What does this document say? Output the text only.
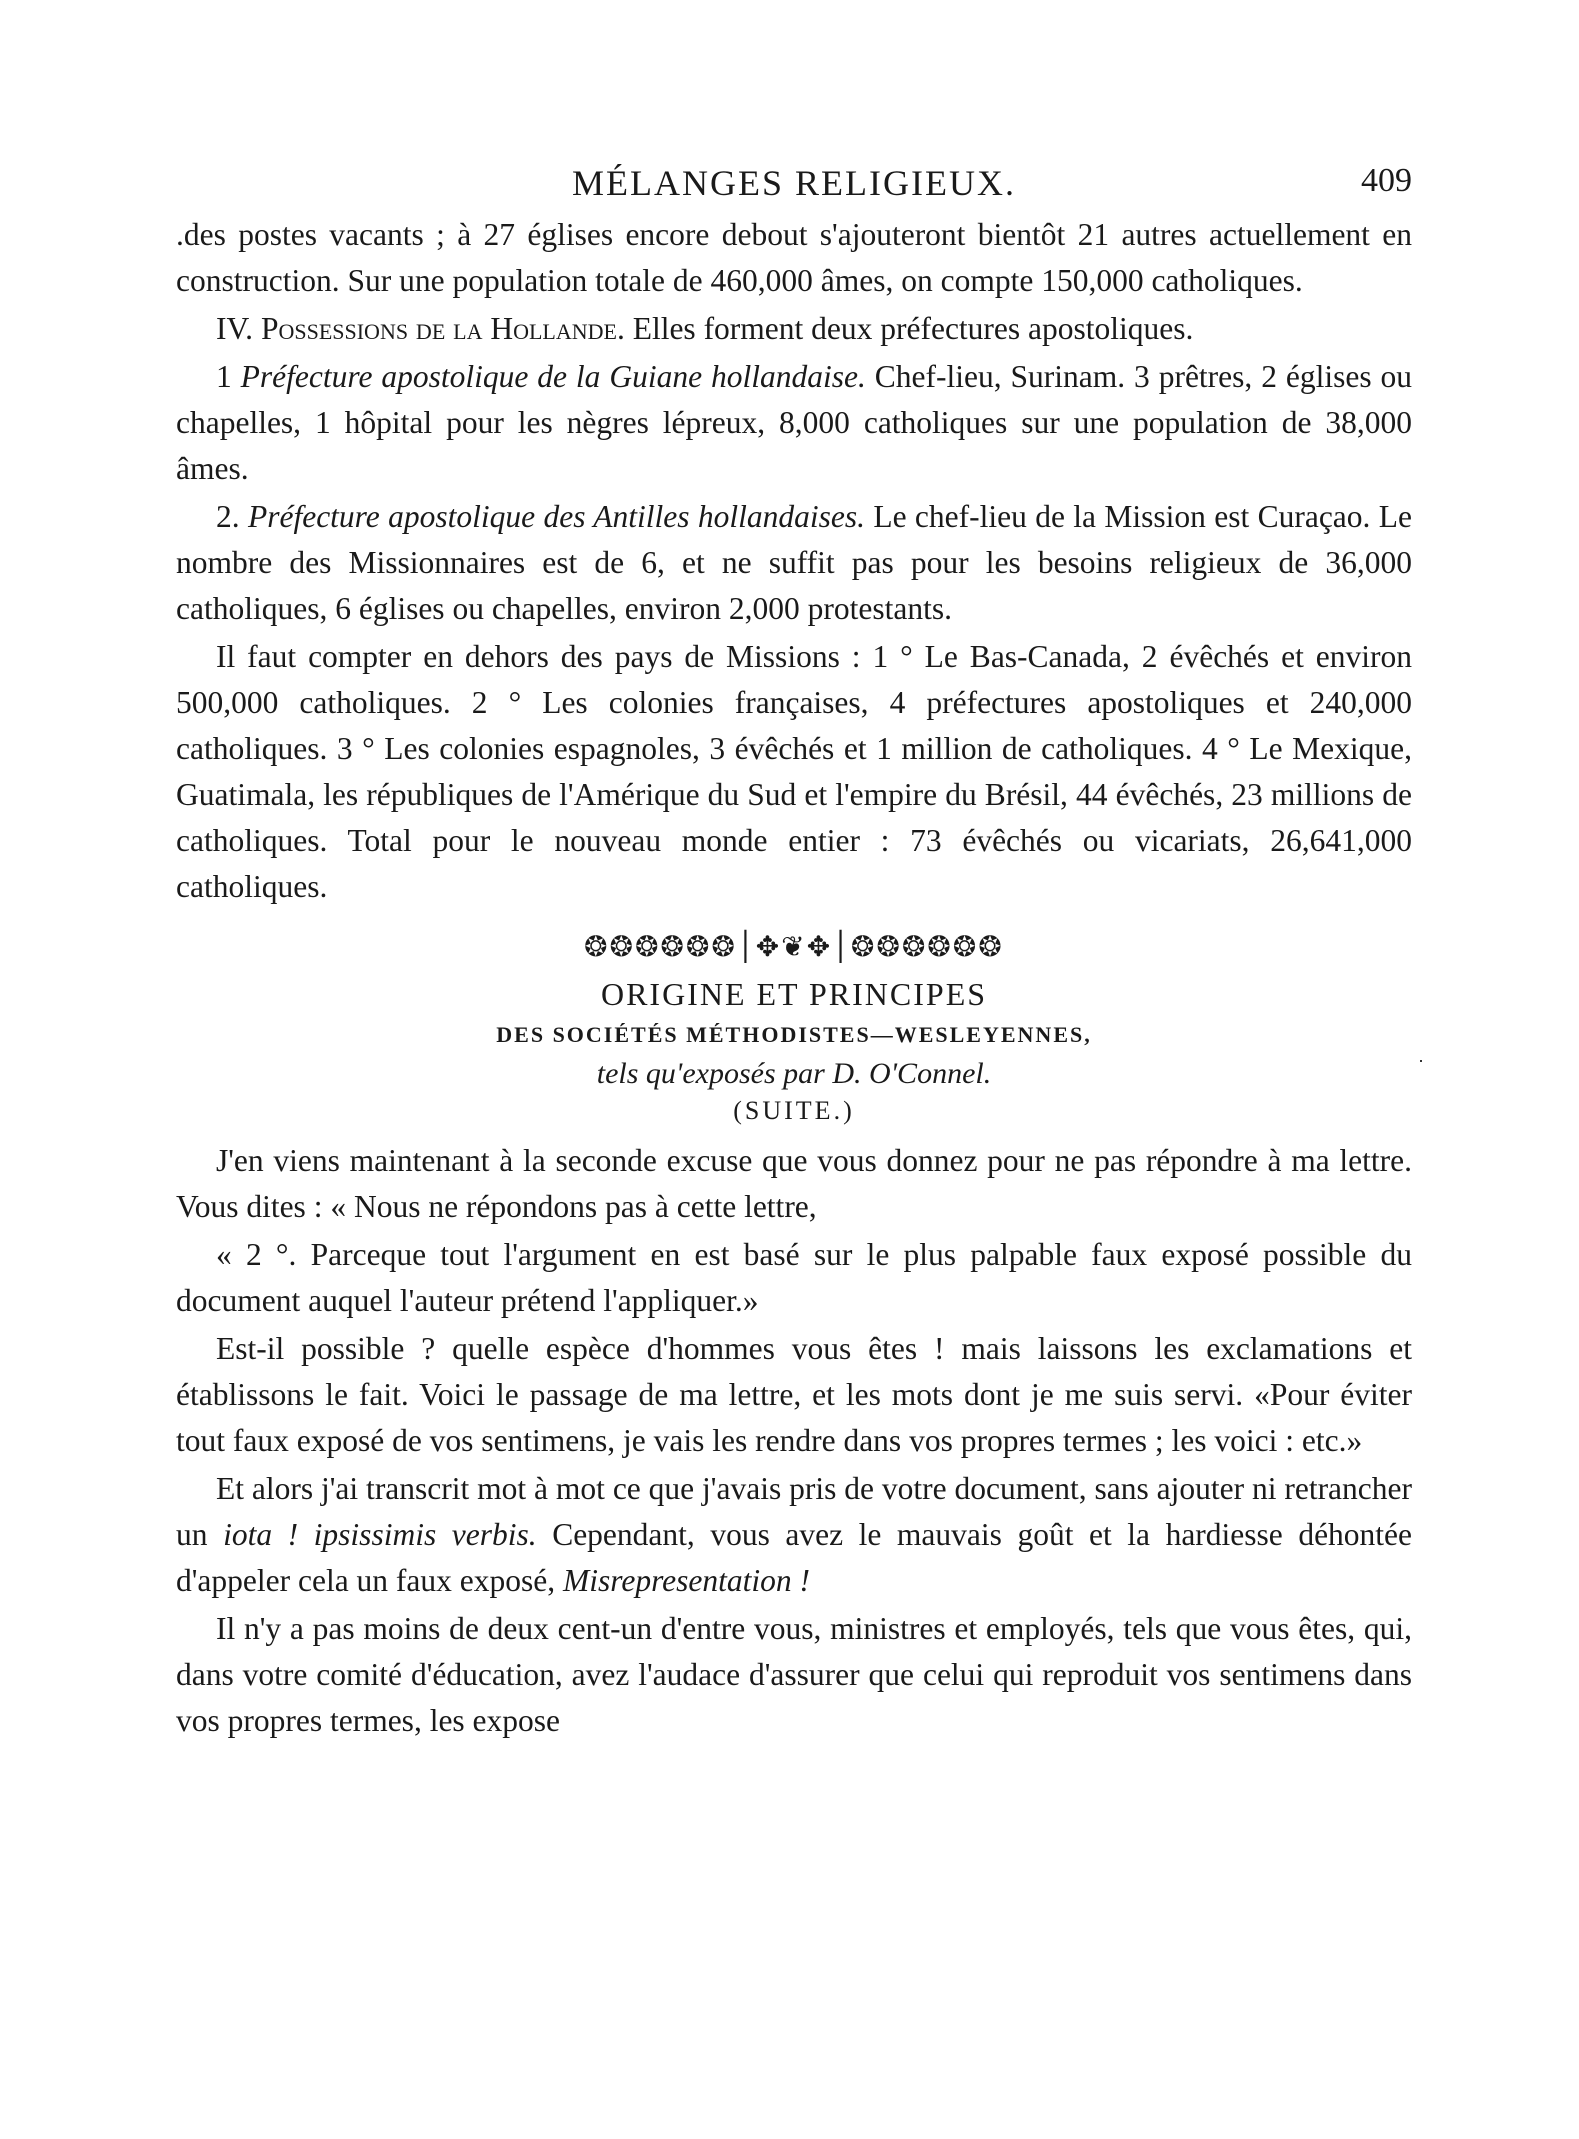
MÉLANGES RELIGIEUX.	409

.des postes vacants ; à 27 églises encore debout s'ajouteront bientôt 21 autres actuellement en construction. Sur une population totale de 460,000 âmes, on compte 150,000 catholiques.

IV. Possessions de la Hollande. Elles forment deux préfectures apostoliques.

1 Préfecture apostolique de la Guiane hollandaise. Chef-lieu, Surinam. 3 prêtres, 2 églises ou chapelles, 1 hôpital pour les nègres lépreux, 8,000 catholiques sur une population de 38,000 âmes.

2. Préfecture apostolique des Antilles hollandaises. Le chef-lieu de la Mission est Curaçao. Le nombre des Missionnaires est de 6, et ne suffit pas pour les besoins religieux de 36,000 catholiques, 6 églises ou chapelles, environ 2,000 protestants.

Il faut compter en dehors des pays de Missions : 1 ° Le Bas-Canada, 2 évêchés et environ 500,000 catholiques. 2 ° Les colonies françaises, 4 préfectures apostoliques et 240,000 catholiques. 3 ° Les colonies espagnoles, 3 évêchés et 1 million de catholiques. 4 ° Le Mexique, Guatimala, les républiques de l'Amérique du Sud et l'empire du Brésil, 44 évêchés, 23 millions de catholiques. Total pour le nouveau monde entier : 73 évêchés ou vicariats, 26,641,000 catholiques.

❂❂❂❂❂❂│✥❦✥│❂❂❂❂❂❂
ORIGINE ET PRINCIPES
DES SOCIÉTÉS MÉTHODISTES—WESLEYENNES,
tels qu'exposés par D. O'Connel.
(SUITE.)

J'en viens maintenant à la seconde excuse que vous donnez pour ne pas répondre à ma lettre. Vous dites : « Nous ne répondons pas à cette lettre,

« 2 °. Parceque tout l'argument en est basé sur le plus palpable faux exposé possible du document auquel l'auteur prétend l'appliquer.»

Est-il possible ? quelle espèce d'hommes vous êtes ! mais laissons les exclamations et établissons le fait. Voici le passage de ma lettre, et les mots dont je me suis servi. «Pour éviter tout faux exposé de vos sentimens, je vais les rendre dans vos propres termes ; les voici : etc.»

Et alors j'ai transcrit mot à mot ce que j'avais pris de votre document, sans ajouter ni retrancher un iota ! ipsissimis verbis. Cependant, vous avez le mauvais goût et la hardiesse déhontée d'appeler cela un faux exposé, Misrepresentation !

Il n'y a pas moins de deux cent-un d'entre vous, ministres et employés, tels que vous êtes, qui, dans votre comité d'éducation, avez l'audace d'assurer que celui qui reproduit vos sentimens dans vos propres termes, les expose
